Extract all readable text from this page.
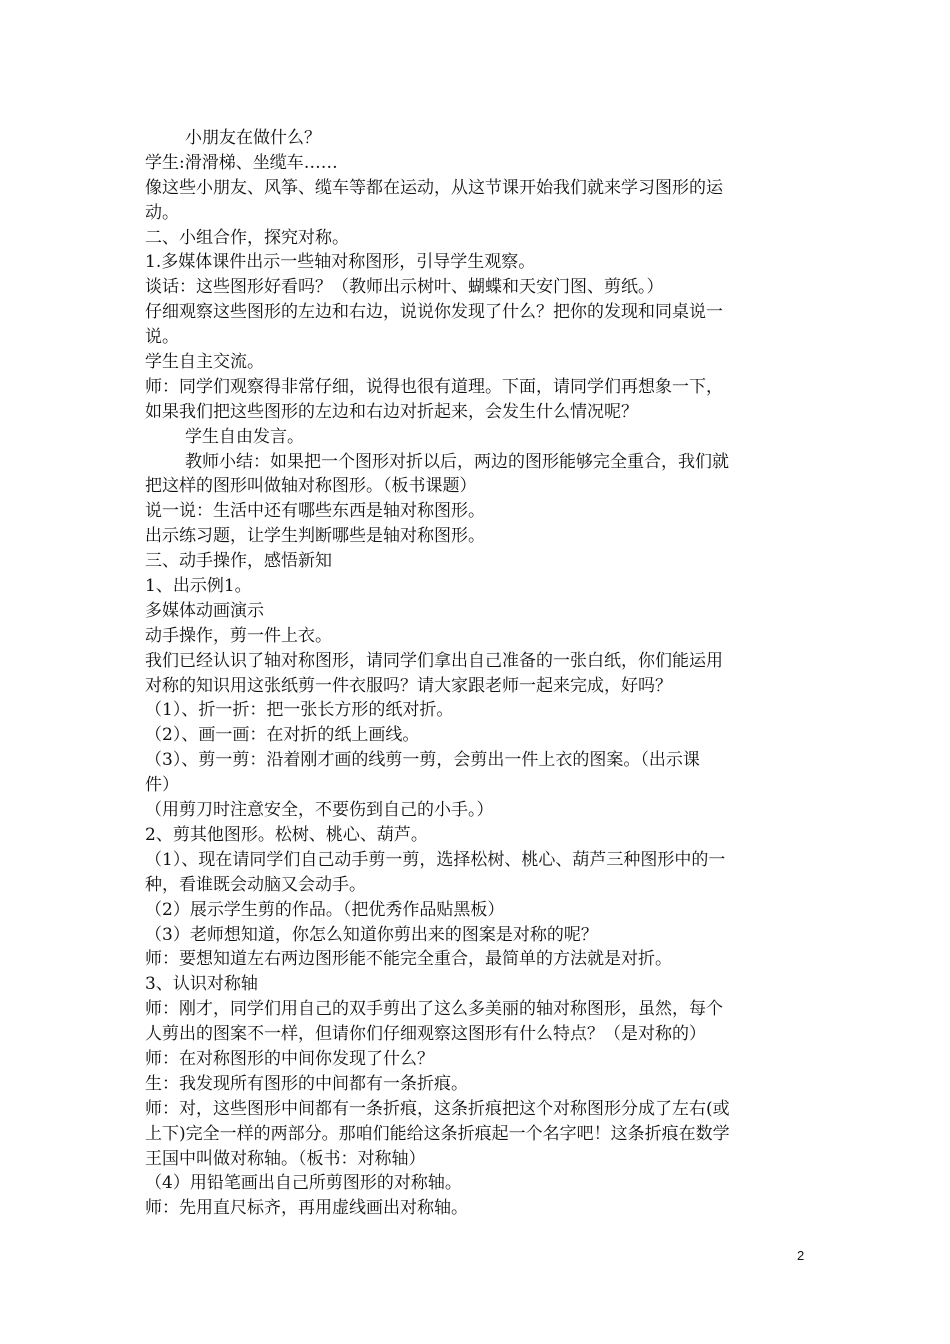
小朋友在做什么？
学生:滑滑梯、坐缆车……
像这些小朋友、风筝、缆车等都在运动，从这节课开始我们就来学习图形的运
动。
二、小组合作，探究对称。
1.多媒体课件出示一些轴对称图形，引导学生观察。
谈话：这些图形好看吗？（教师出示树叶、蝴蝶和天安门图、剪纸。）
仔细观察这些图形的左边和右边，说说你发现了什么？把你的发现和同桌说一
说。
学生自主交流。
师：同学们观察得非常仔细，说得也很有道理。下面，请同学们再想象一下，
如果我们把这些图形的左边和右边对折起来，会发生什么情况呢？
学生自由发言。
教师小结：如果把一个图形对折以后，两边的图形能够完全重合，我们就
把这样的图形叫做轴对称图形。（板书课题）
说一说：生活中还有哪些东西是轴对称图形。
出示练习题，让学生判断哪些是轴对称图形。
三、动手操作，感悟新知
1、出示例1。
多媒体动画演示
动手操作，剪一件上衣。
我们已经认识了轴对称图形，请同学们拿出自己准备的一张白纸，你们能运用
对称的知识用这张纸剪一件衣服吗？请大家跟老师一起来完成，好吗？
（1）、折一折：把一张长方形的纸对折。
（2）、画一画：在对折的纸上画线。
（3）、剪一剪：沿着刚才画的线剪一剪，会剪出一件上衣的图案。（出示课
件）
（用剪刀时注意安全，不要伤到自己的小手。）
2、剪其他图形。松树、桃心、葫芦。
（1）、现在请同学们自己动手剪一剪，选择松树、桃心、葫芦三种图形中的一
种，看谁既会动脑又会动手。
（2）展示学生剪的作品。（把优秀作品贴黑板）
（3）老师想知道，你怎么知道你剪出来的图案是对称的呢？
师：要想知道左右两边图形能不能完全重合，最简单的方法就是对折。
3、认识对称轴
师：刚才，同学们用自己的双手剪出了这么多美丽的轴对称图形，虽然，每个
人剪出的图案不一样，但请你们仔细观察这图形有什么特点？（是对称的）
师：在对称图形的中间你发现了什么？
生：我发现所有图形的中间都有一条折痕。
师：对，这些图形中间都有一条折痕，这条折痕把这个对称图形分成了左右(或
上下)完全一样的两部分。那咱们能给这条折痕起一个名字吧！这条折痕在数学
王国中叫做对称轴。（板书：对称轴）
（4）用铅笔画出自己所剪图形的对称轴。
师：先用直尺标齐，再用虚线画出对称轴。
2
